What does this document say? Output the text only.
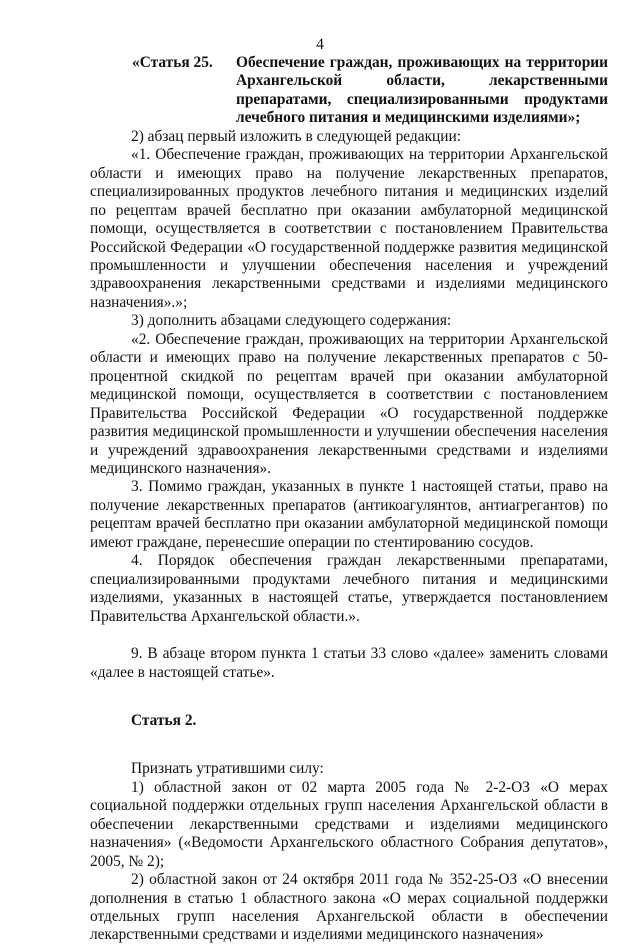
4
«Статья 25.	Обеспечение граждан, проживающих на территории Архангельской области, лекарственными препаратами, специализированными продуктами лечебного питания и медицинскими изделиями»;

2) абзац первый изложить в следующей редакции:

«1. Обеспечение граждан, проживающих на территории Архангельской области и имеющих право на получение лекарственных препаратов, специализированных продуктов лечебного питания и медицинских изделий по рецептам врачей бесплатно при оказании амбулаторной медицинской помощи, осуществляется в соответствии с постановлением Правительства Российской Федерации «О государственной поддержке развития медицинской промышленности и улучшении обеспечения населения и учреждений здравоохранения лекарственными средствами и изделиями медицинского назначения».»;

3) дополнить абзацами следующего содержания:

«2. Обеспечение граждан, проживающих на территории Архангельской области и имеющих право на получение лекарственных препаратов с 50-процентной скидкой по рецептам врачей при оказании амбулаторной медицинской помощи, осуществляется в соответствии с постановлением Правительства Российской Федерации «О государственной поддержке развития медицинской промышленности и улучшении обеспечения населения и учреждений здравоохранения лекарственными средствами и изделиями медицинского назначения».

3. Помимо граждан, указанных в пункте 1 настоящей статьи, право на получение лекарственных препаратов (антикоагулянтов, антиагрегантов) по рецептам врачей бесплатно при оказании амбулаторной медицинской помощи имеют граждане, перенесшие операции по стентированию сосудов.

4. Порядок обеспечения граждан лекарственными препаратами, специализированными продуктами лечебного питания и медицинскими изделиями, указанных в настоящей статье, утверждается постановлением Правительства Архангельской области.».

9. В абзаце втором пункта 1 статьи 33 слово «далее» заменить словами «далее в настоящей статье».

Статья 2.

Признать утратившими силу:

1) областной закон от 02 марта 2005 года № 2-2-ОЗ «О мерах социальной поддержки отдельных групп населения Архангельской области в обеспечении лекарственными средствами и изделиями медицинского назначения» («Ведомости Архангельского областного Собрания депутатов», 2005, № 2);

2) областной закон от 24 октября 2011 года № 352-25-ОЗ «О внесении дополнения в статью 1 областного закона «О мерах социальной поддержки отдельных групп населения Архангельской области в обеспечении лекарственными средствами и изделиями медицинского назначения»
